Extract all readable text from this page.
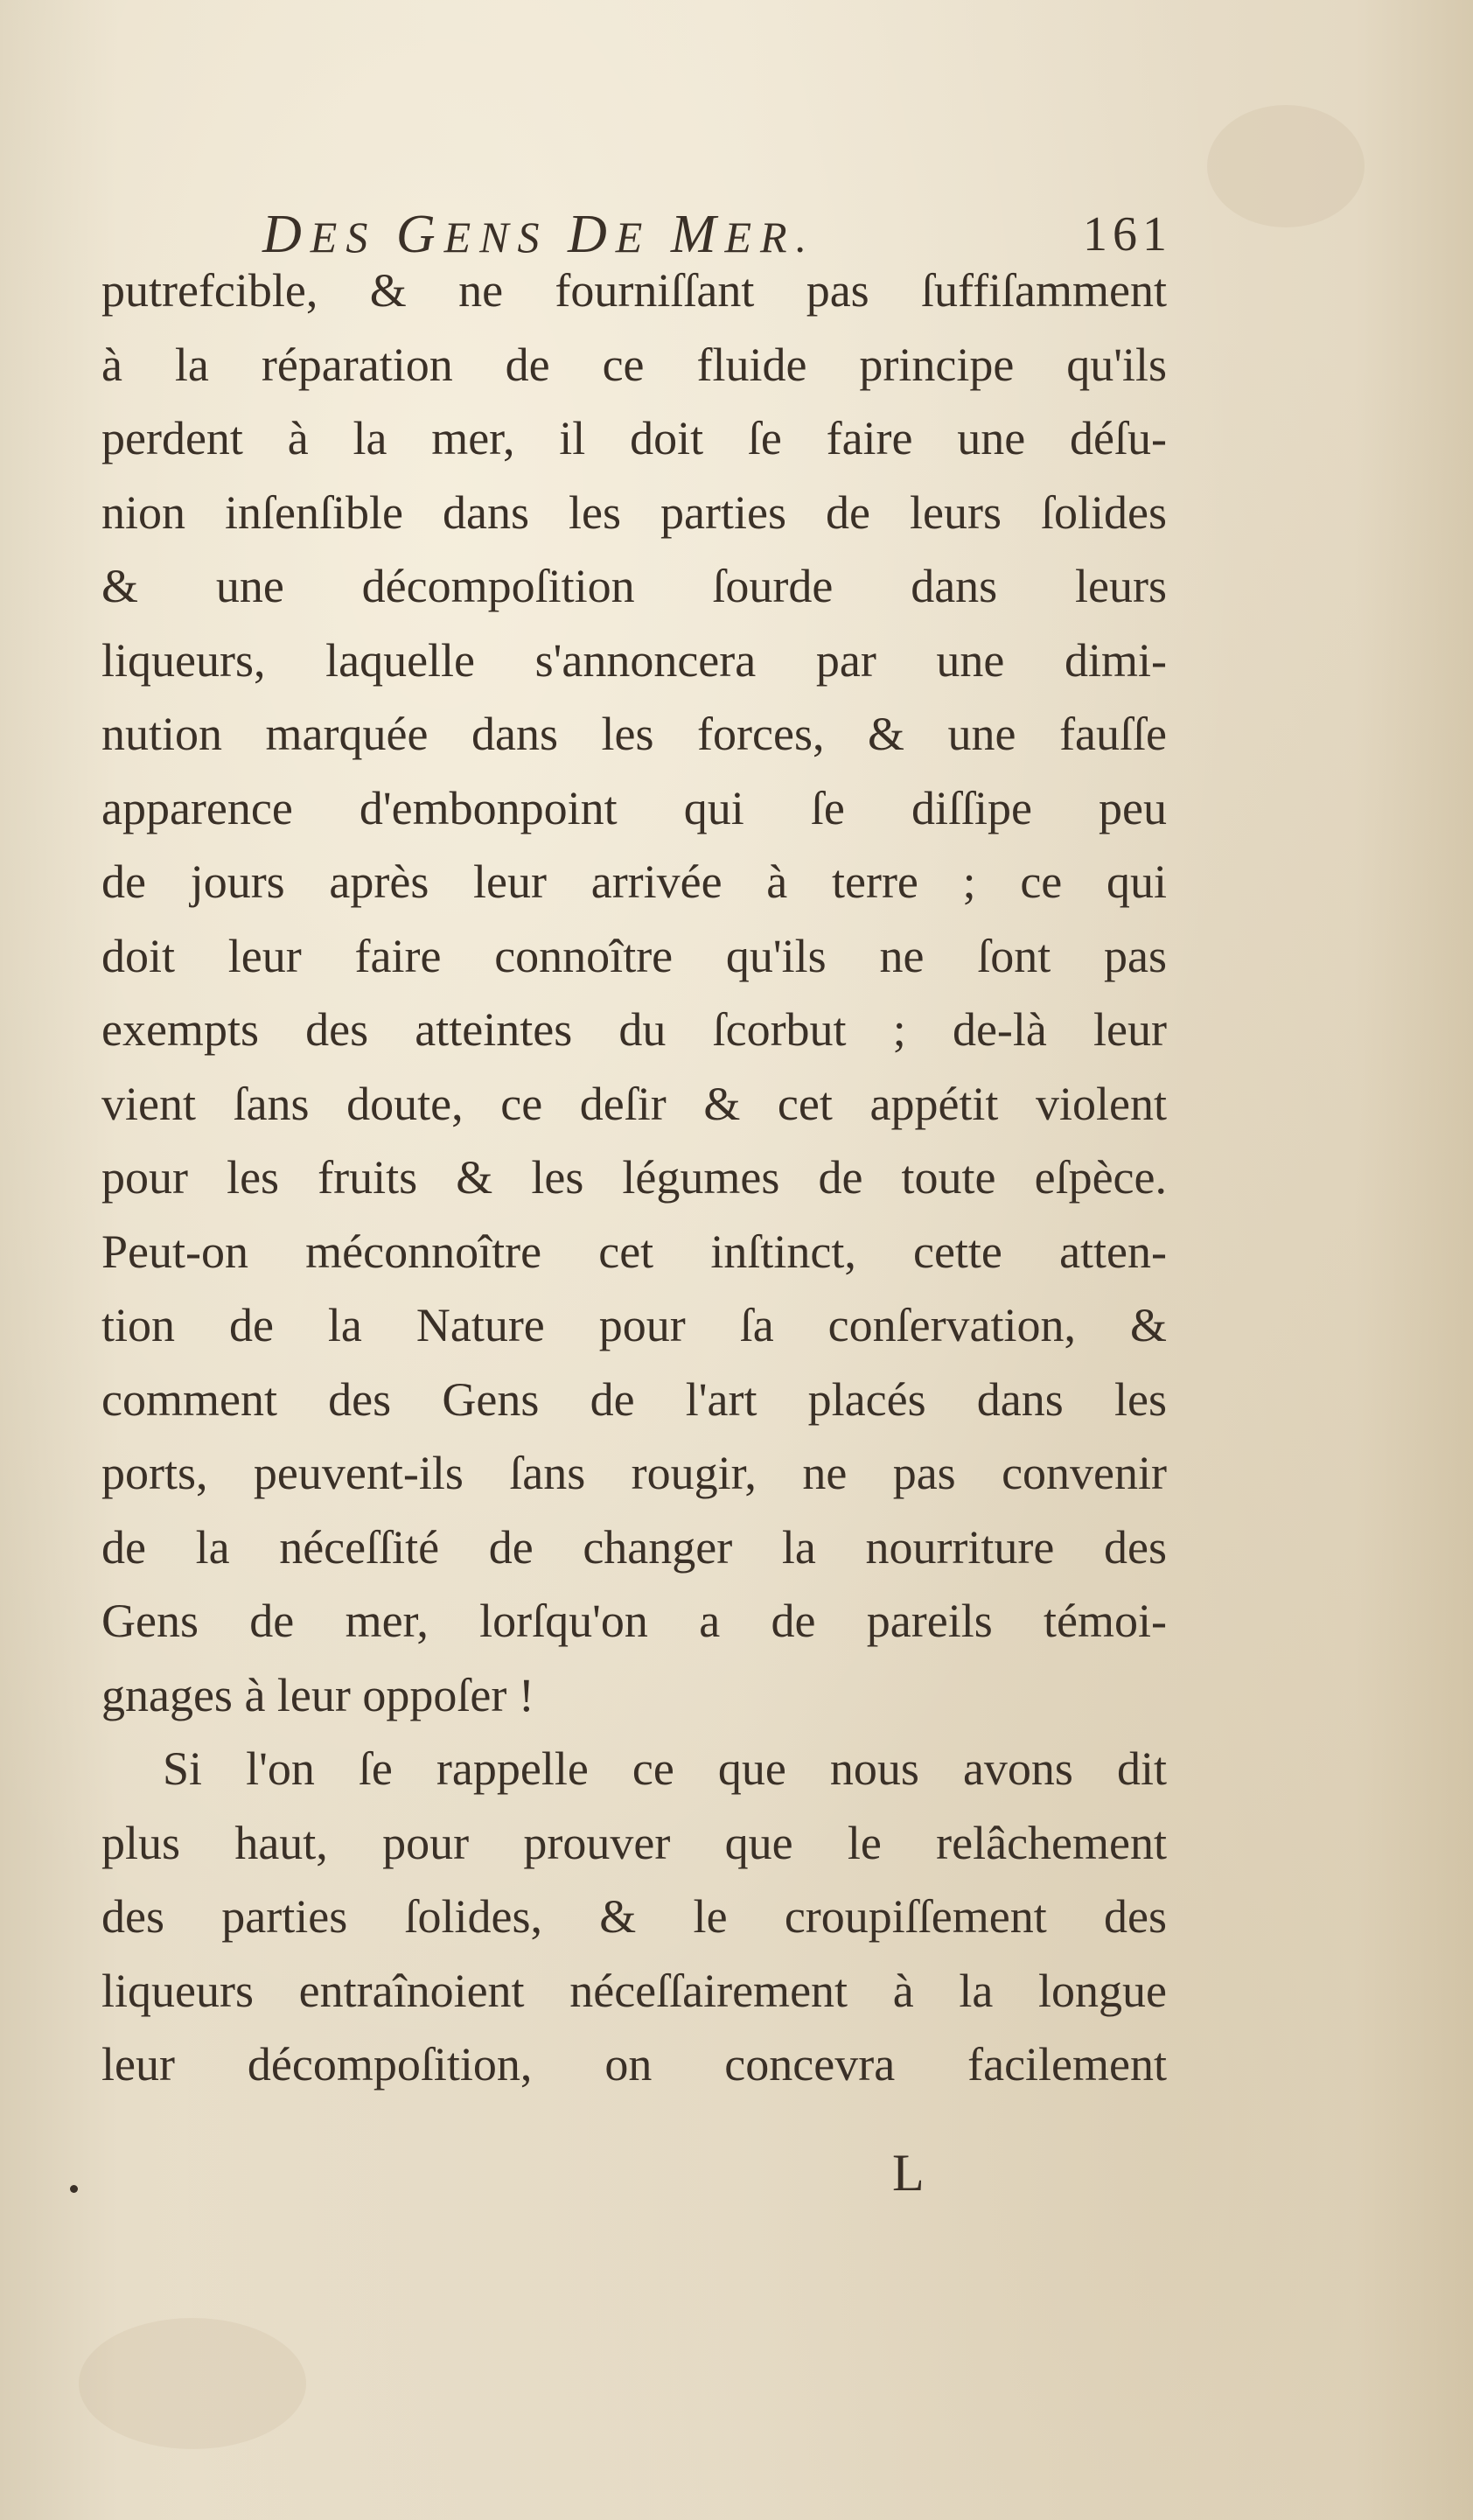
DES GENS DE MER.	161
putrefcible, & ne fourniſſant pas ſuffiſamment
à la réparation de ce fluide principe qu'ils
perdent à la mer, il doit ſe faire une déſu-
nion inſenſible dans les parties de leurs ſolides
& une décompoſition ſourde dans leurs
liqueurs, laquelle s'annoncera par une dimi-
nution marquée dans les forces, & une fauſſe
apparence d'embonpoint qui ſe diſſipe peu
de jours après leur arrivée à terre ; ce qui
doit leur faire connoître qu'ils ne ſont pas
exempts des atteintes du ſcorbut ; de-là leur
vient ſans doute, ce deſir & cet appétit violent
pour les fruits & les légumes de toute eſpèce.
Peut-on méconnoître cet inſtinct, cette atten-
tion de la Nature pour ſa conſervation, &
comment des Gens de l'art placés dans les
ports, peuvent-ils ſans rougir, ne pas convenir
de la néceſſité de changer la nourriture des
Gens de mer, lorſqu'on a de pareils témoi-
gnages à leur oppoſer !
Si l'on ſe rappelle ce que nous avons dit
plus haut, pour prouver que le relâchement
des parties ſolides, & le croupiſſement des
liqueurs entraînoient néceſſairement à la longue
leur décompoſition, on concevra facilement
L
